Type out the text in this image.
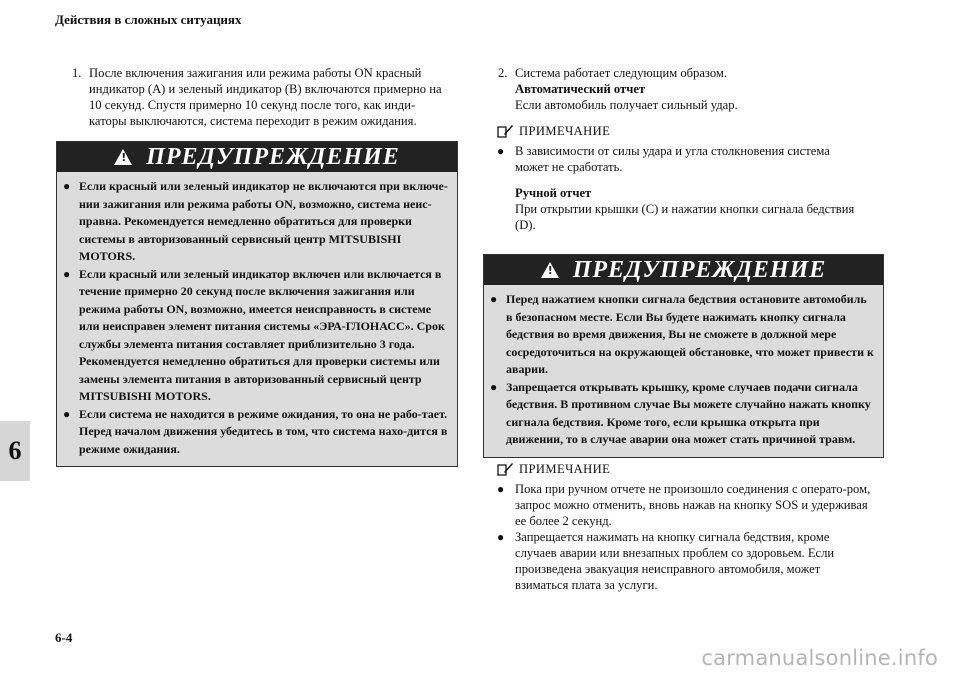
Действия в сложных ситуациях
6
1. После включения зажигания или режима работы ON красный индикатор (A) и зеленый индикатор (B) включаются примерно на 10 секунд. Спустя примерно 10 секунд после того, как инди-каторы выключаются, система переходит в режим ожидания.
!
ПРЕДУПРЕЖДЕНИЕ
● Если красный или зеленый индикатор не включаются при включе-нии зажигания или режима работы ON, возможно, система неис-правна. Рекомендуется немедленно обратиться для проверки системы в авторизованный сервисный центр MITSUBISHI MOTORS.
● Если красный или зеленый индикатор включен или включается в течение примерно 20 секунд после включения зажигания или режима работы ON, возможно, имеется неисправность в системе или неисправен элемент питания системы «ЭРА-ГЛОНАСС». Срок службы элемента питания составляет приблизительно 3 года. Рекомендуется немедленно обратиться для проверки системы или замены элемента питания в авторизованный сервисный центр MITSUBISHI MOTORS.
● Если система не находится в режиме ожидания, то она не рабо-тает. Перед началом движения убедитесь в том, что система нахо-дится в режиме ожидания.
2. Система работает следующим образом.
Автоматический отчет
Если автомобиль получает сильный удар.
ПРИМЕЧАНИЕ
● В зависимости от силы удара и угла столкновения система может не сработать.
Ручной отчет
При открытии крышки (C) и нажатии кнопки сигнала бедствия (D).
!
ПРЕДУПРЕЖДЕНИЕ
● Перед нажатием кнопки сигнала бедствия остановите автомобиль в безопасном месте. Если Вы будете нажимать кнопку сигнала бедствия во время движения, Вы не сможете в должной мере сосредоточиться на окружающей обстановке, что может привести к аварии.
● Запрещается открывать крышку, кроме случаев подачи сигнала бедствия. В противном случае Вы можете случайно нажать кнопку сигнала бедствия. Кроме того, если крышка открыта при движении, то в случае аварии она может стать причиной травм.
ПРИМЕЧАНИЕ
● Пока при ручном отчете не произошло соединения с операто-ром, запрос можно отменить, вновь нажав на кнопку SOS и удерживая ее более 2 секунд.
● Запрещается нажимать на кнопку сигнала бедствия, кроме случаев аварии или внезапных проблем со здоровьем. Если произведена эвакуация неисправного автомобиля, может взиматься плата за услуги.
6-4
carmanualsonline.info
